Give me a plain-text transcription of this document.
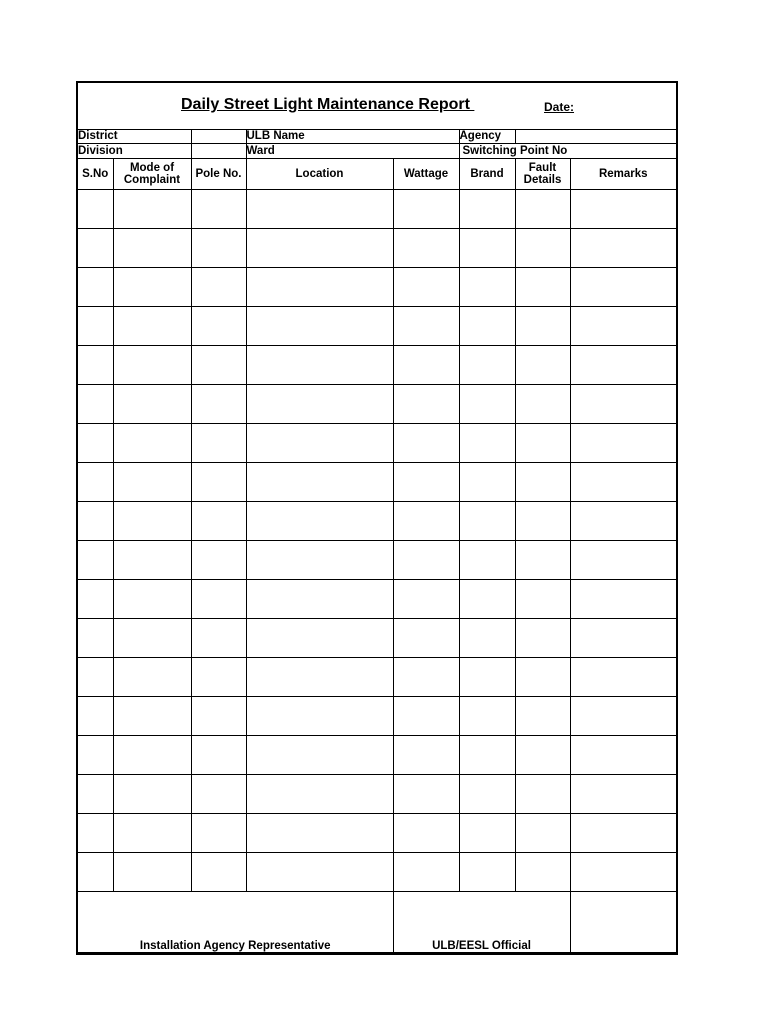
Daily Street Light Maintenance Report	Date:
District			ULB Name		Agency		
Division			Ward		Switching Point No		
S.No	Mode of Complaint	Pole No.	Location	Wattage	Brand	Fault Details	Remarks

Installation Agency Representative				ULB/EESL Official			
